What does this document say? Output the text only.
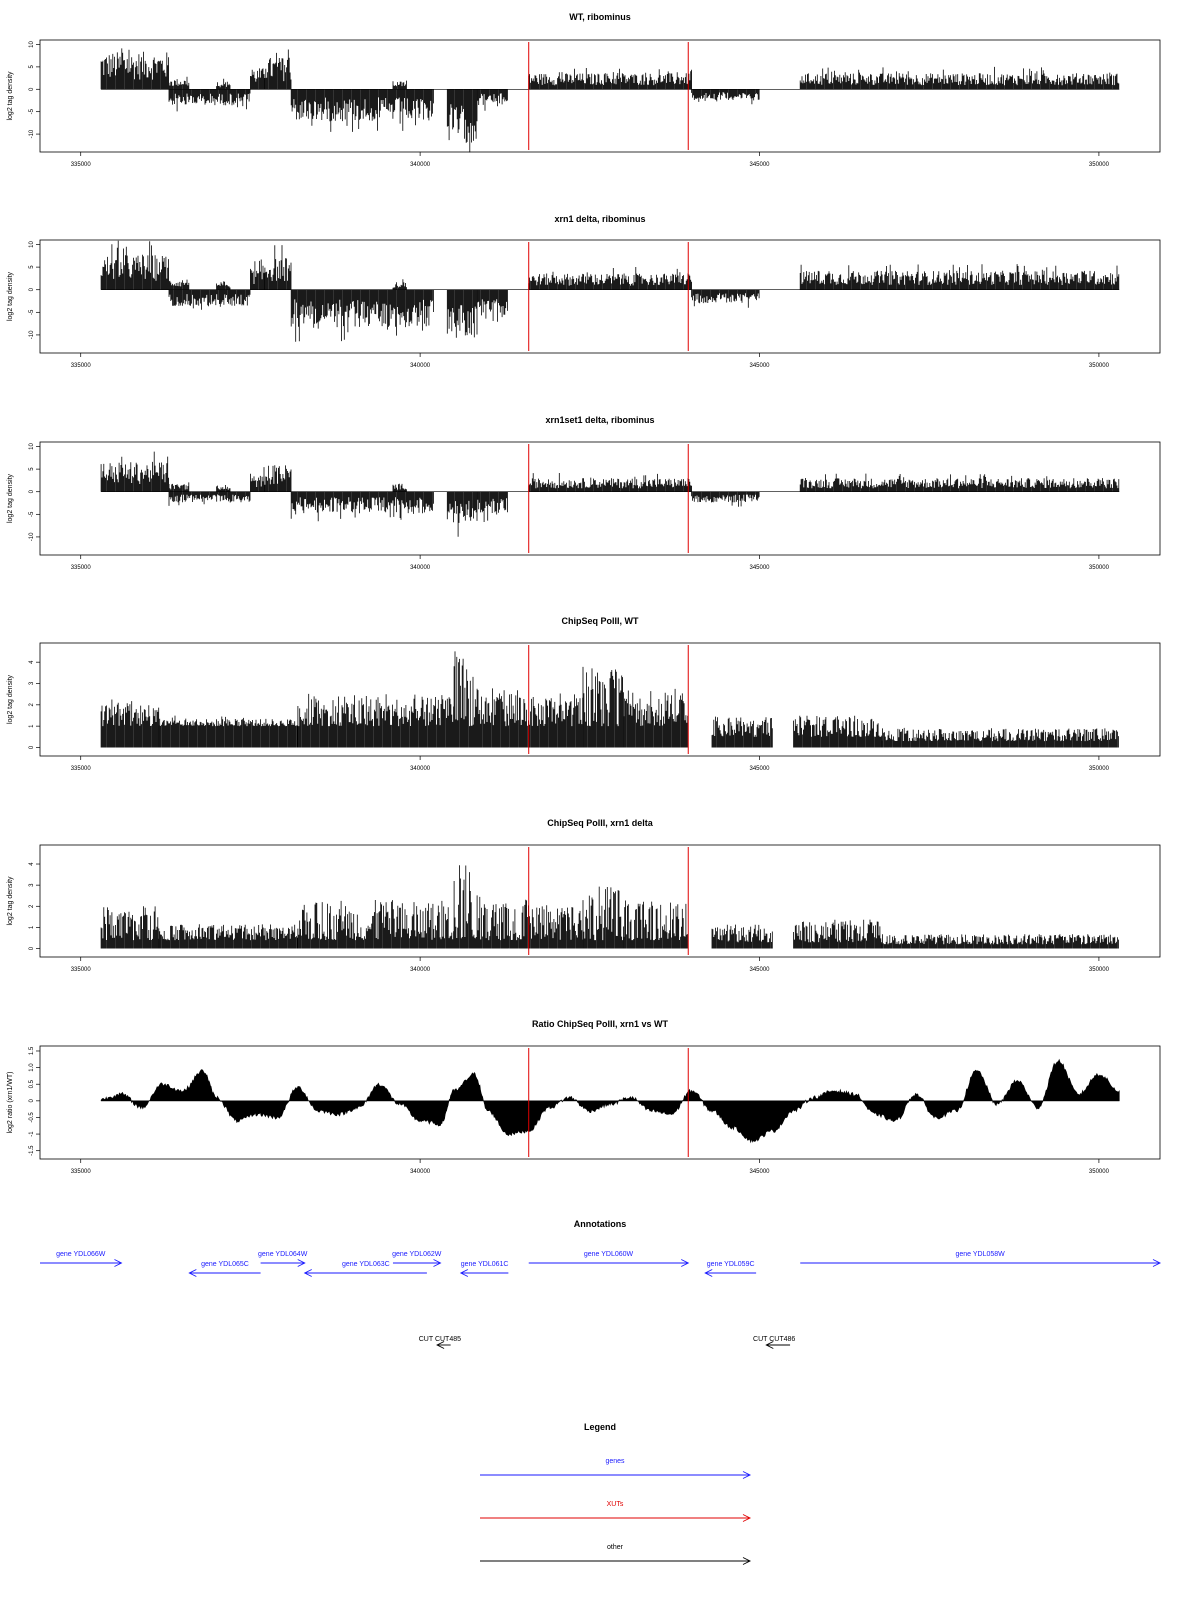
WT, ribominus
log2 tag density
10
5
0
-5
-10
335000	340000	345000	350000
xrn1 delta, ribominus
log2 tag density
10
5
0
-5
-10
335000	340000	345000	350000
xrn1set1 delta, ribominus
log2 tag density
10
5
0
-5
-10
335000	340000	345000	350000
ChipSeq PolII, WT
log2 tag density
4
3
2
1
0
335000	340000	345000	350000
ChipSeq PolII, xrn1 delta
log2 tag density
4
3
2
1
0
335000	340000	345000	350000
Ratio ChipSeq PolII, xrn1 vs WT
log2 ratio (xrn1/WT)
1.5
1.0
0.5
0
-0.5
-1
-1.5
335000	340000	345000	350000
Annotations
gene YDL066W
gene YDL065C
gene YDL064W
gene YDL063C
gene YDL062W
gene YDL061C
gene YDL060W
gene YDL059C
gene YDL058W
CUT CUT485	CUT CUT486
Legend
genes
XUTs
other
